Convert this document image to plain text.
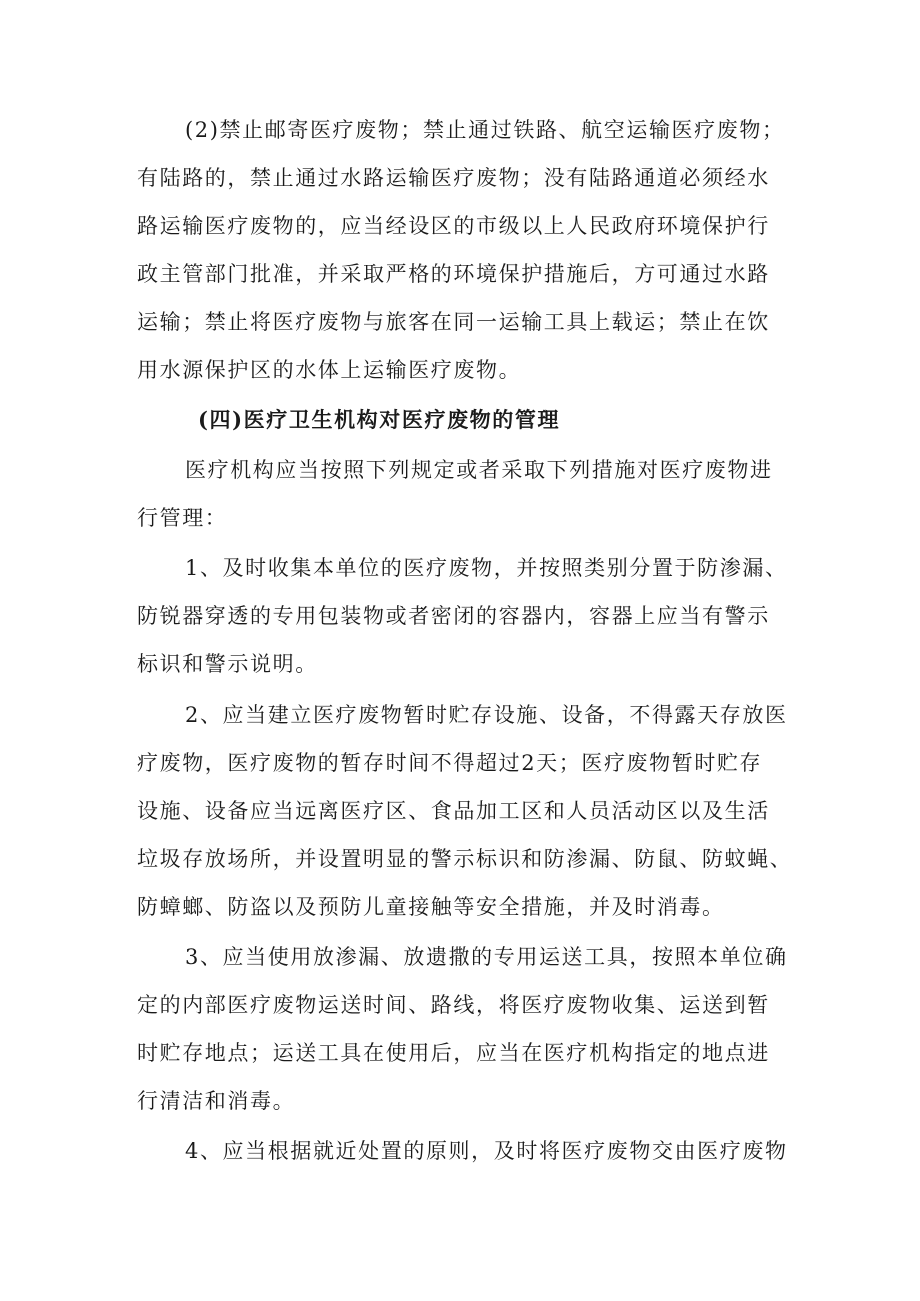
(2)禁止邮寄医疗废物；禁止通过铁路、航空运输医疗废物；
有陆路的，禁止通过水路运输医疗废物；没有陆路通道必须经水
路运输医疗废物的，应当经设区的市级以上人民政府环境保护行
政主管部门批准，并采取严格的环境保护措施后，方可通过水路
运输；禁止将医疗废物与旅客在同一运输工具上载运；禁止在饮
用水源保护区的水体上运输医疗废物。
(四)医疗卫生机构对医疗废物的管理
医疗机构应当按照下列规定或者采取下列措施对医疗废物进
行管理：
1、及时收集本单位的医疗废物，并按照类别分置于防渗漏、
防锐器穿透的专用包装物或者密闭的容器内，容器上应当有警示
标识和警示说明。
2、应当建立医疗废物暂时贮存设施、设备，不得露天存放医
疗废物，医疗废物的暂存时间不得超过2天；医疗废物暂时贮存
设施、设备应当远离医疗区、食品加工区和人员活动区以及生活
垃圾存放场所，并设置明显的警示标识和防渗漏、防鼠、防蚊蝇、
防蟑螂、防盗以及预防儿童接触等安全措施，并及时消毒。
3、应当使用放渗漏、放遗撒的专用运送工具，按照本单位确
定的内部医疗废物运送时间、路线，将医疗废物收集、运送到暂
时贮存地点；运送工具在使用后，应当在医疗机构指定的地点进
行清洁和消毒。
4、应当根据就近处置的原则，及时将医疗废物交由医疗废物
